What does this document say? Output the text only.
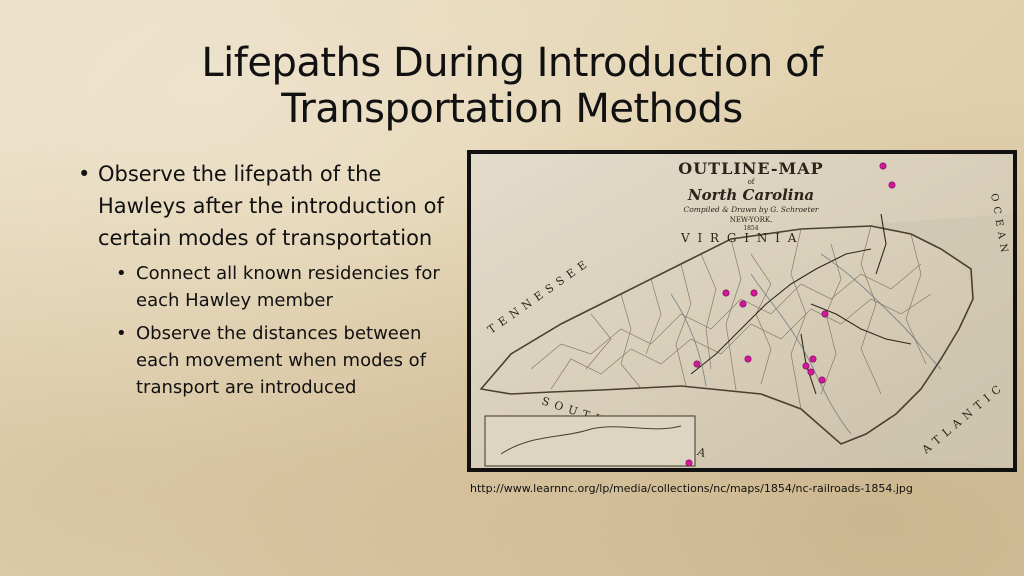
Lifepaths During Introduction of
Transportation Methods
• Observe the lifepath of the Hawleys after the introduction of certain modes of transportation
• Connect all known residencies for each Hawley member
• Observe the distances between each movement when modes of transport are introduced
OUTLINE-MAP
of
North Carolina
Compiled & Drawn by G. Schroeter
NEW-YORK.
1854
V I R G I N I A
T E N N E S S E E
S O U T A	A T L A N T I C
O C E A N
http://www.learnnc.org/lp/media/collections/nc/maps/1854/nc-railroads-1854.jpg
